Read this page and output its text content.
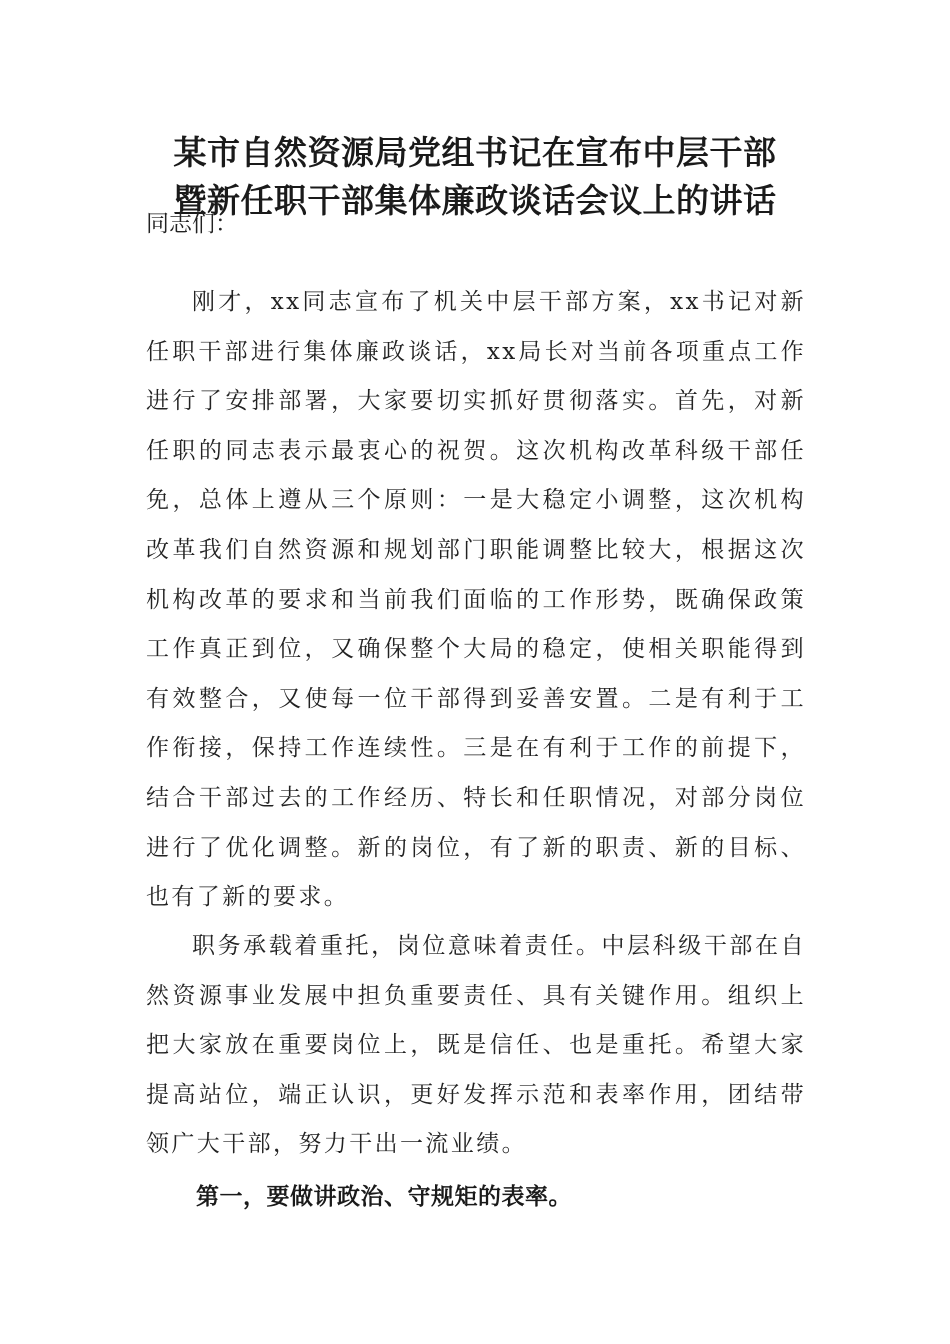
某市自然资源局党组书记在宣布中层干部
暨新任职干部集体廉政谈话会议上的讲话

同志们：

刚才，xx同志宣布了机关中层干部方案，xx书记对新任职干部进行集体廉政谈话，xx局长对当前各项重点工作进行了安排部署，大家要切实抓好贯彻落实。首先，对新任职的同志表示最衷心的祝贺。这次机构改革科级干部任免，总体上遵从三个原则：一是大稳定小调整，这次机构改革我们自然资源和规划部门职能调整比较大，根据这次机构改革的要求和当前我们面临的工作形势，既确保政策工作真正到位，又确保整个大局的稳定，使相关职能得到有效整合，又使每一位干部得到妥善安置。二是有利于工作衔接，保持工作连续性。三是在有利于工作的前提下，结合干部过去的工作经历、特长和任职情况，对部分岗位进行了优化调整。新的岗位，有了新的职责、新的目标、也有了新的要求。

职务承载着重托，岗位意味着责任。中层科级干部在自然资源事业发展中担负重要责任、具有关键作用。组织上把大家放在重要岗位上，既是信任、也是重托。希望大家提高站位，端正认识，更好发挥示范和表率作用，团结带领广大干部，努力干出一流业绩。

第一，要做讲政治、守规矩的表率。
